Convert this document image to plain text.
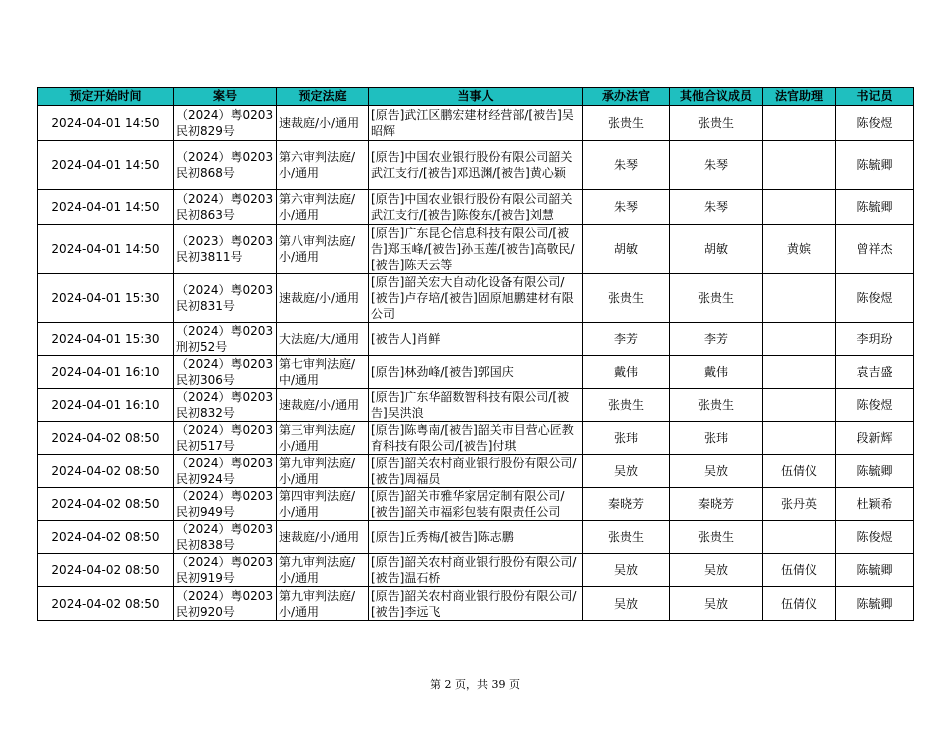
预定开始时间	案号	预定法庭	当事人	承办法官	其他合议成员	法官助理	书记员
2024-04-01 14:50	（2024）粤0203民初829号	速裁庭/小/通用	[原告]武江区鹏宏建材经营部/[被告]吴昭辉	张贵生	张贵生		陈俊煜
2024-04-01 14:50	（2024）粤0203民初868号	第六审判法庭/小/通用	[原告]中国农业银行股份有限公司韶关武江支行/[被告]邓迅渊/[被告]黄心颖	朱琴	朱琴		陈毓卿
2024-04-01 14:50	（2024）粤0203民初863号	第六审判法庭/小/通用	[原告]中国农业银行股份有限公司韶关武江支行/[被告]陈俊东/[被告]刘慧	朱琴	朱琴		陈毓卿
2024-04-01 14:50	（2023）粤0203民初3811号	第八审判法庭/小/通用	[原告]广东昆仑信息科技有限公司/[被告]郑玉峰/[被告]孙玉莲/[被告]高敬民/[被告]陈天云等	胡敏	胡敏	黄嫔	曾祥杰
2024-04-01 15:30	（2024）粤0203民初831号	速裁庭/小/通用	[原告]韶关宏大自动化设备有限公司/[被告]卢存培/[被告]固原旭鹏建材有限公司	张贵生	张贵生		陈俊煜
2024-04-01 15:30	（2024）粤0203刑初52号	大法庭/大/通用	[被告人]肖鲜	李芳	李芳		李玥玢
2024-04-01 16:10	（2024）粤0203民初306号	第七审判法庭/中/通用	[原告]林劲峰/[被告]郭国庆	戴伟	戴伟		袁吉盛
2024-04-01 16:10	（2024）粤0203民初832号	速裁庭/小/通用	[原告]广东华韶数智科技有限公司/[被告]吴洪浪	张贵生	张贵生		陈俊煜
2024-04-02 08:50	（2024）粤0203民初517号	第三审判法庭/小/通用	[原告]陈粤南/[被告]韶关市目营心匠教育科技有限公司/[被告]付琪	张玮	张玮		段新辉
2024-04-02 08:50	（2024）粤0203民初924号	第九审判法庭/小/通用	[原告]韶关农村商业银行股份有限公司/[被告]周福员	吴放	吴放	伍倩仪	陈毓卿
2024-04-02 08:50	（2024）粤0203民初949号	第四审判法庭/小/通用	[原告]韶关市雅华家居定制有限公司/[被告]韶关市福彩包装有限责任公司	秦晓芳	秦晓芳	张丹英	杜颖希
2024-04-02 08:50	（2024）粤0203民初838号	速裁庭/小/通用	[原告]丘秀梅/[被告]陈志鹏	张贵生	张贵生		陈俊煜
2024-04-02 08:50	（2024）粤0203民初919号	第九审判法庭/小/通用	[原告]韶关农村商业银行股份有限公司/[被告]温石桥	吴放	吴放	伍倩仪	陈毓卿
2024-04-02 08:50	（2024）粤0203民初920号	第九审判法庭/小/通用	[原告]韶关农村商业银行股份有限公司/[被告]李远飞	吴放	吴放	伍倩仪	陈毓卿
第 2 页，共 39 页
